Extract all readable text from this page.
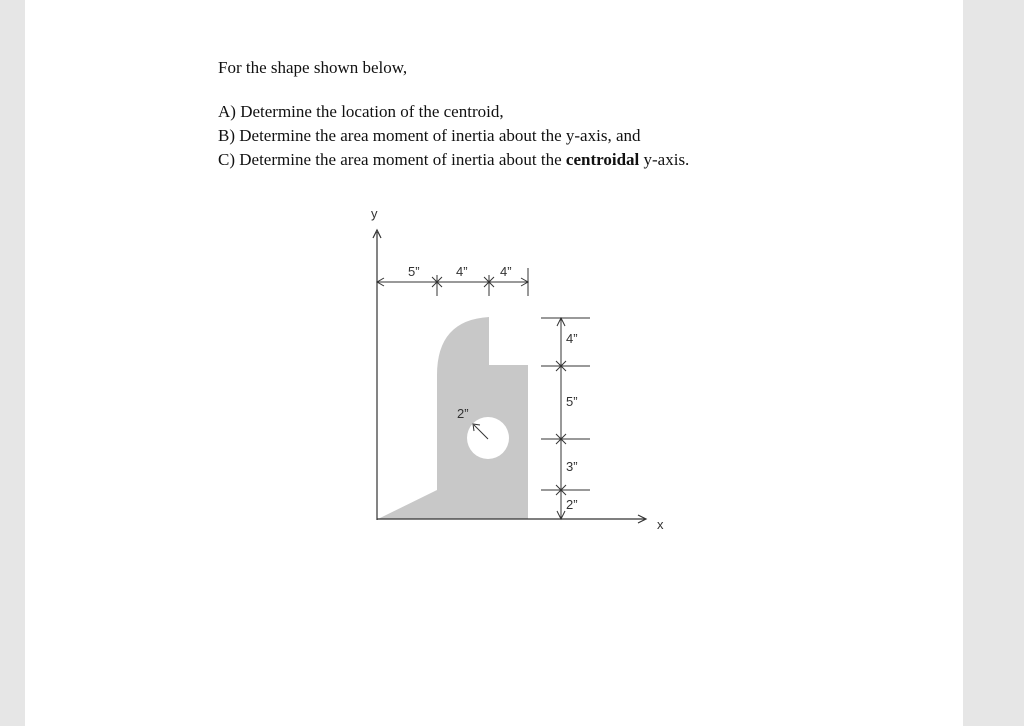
For the shape shown below,

A) Determine the location of the centroid,
B) Determine the area moment of inertia about the y-axis, and
C) Determine the area moment of inertia about the centroidal y-axis.
y
x
5”	4” 4”
4”
5”
3”
2”
2”
